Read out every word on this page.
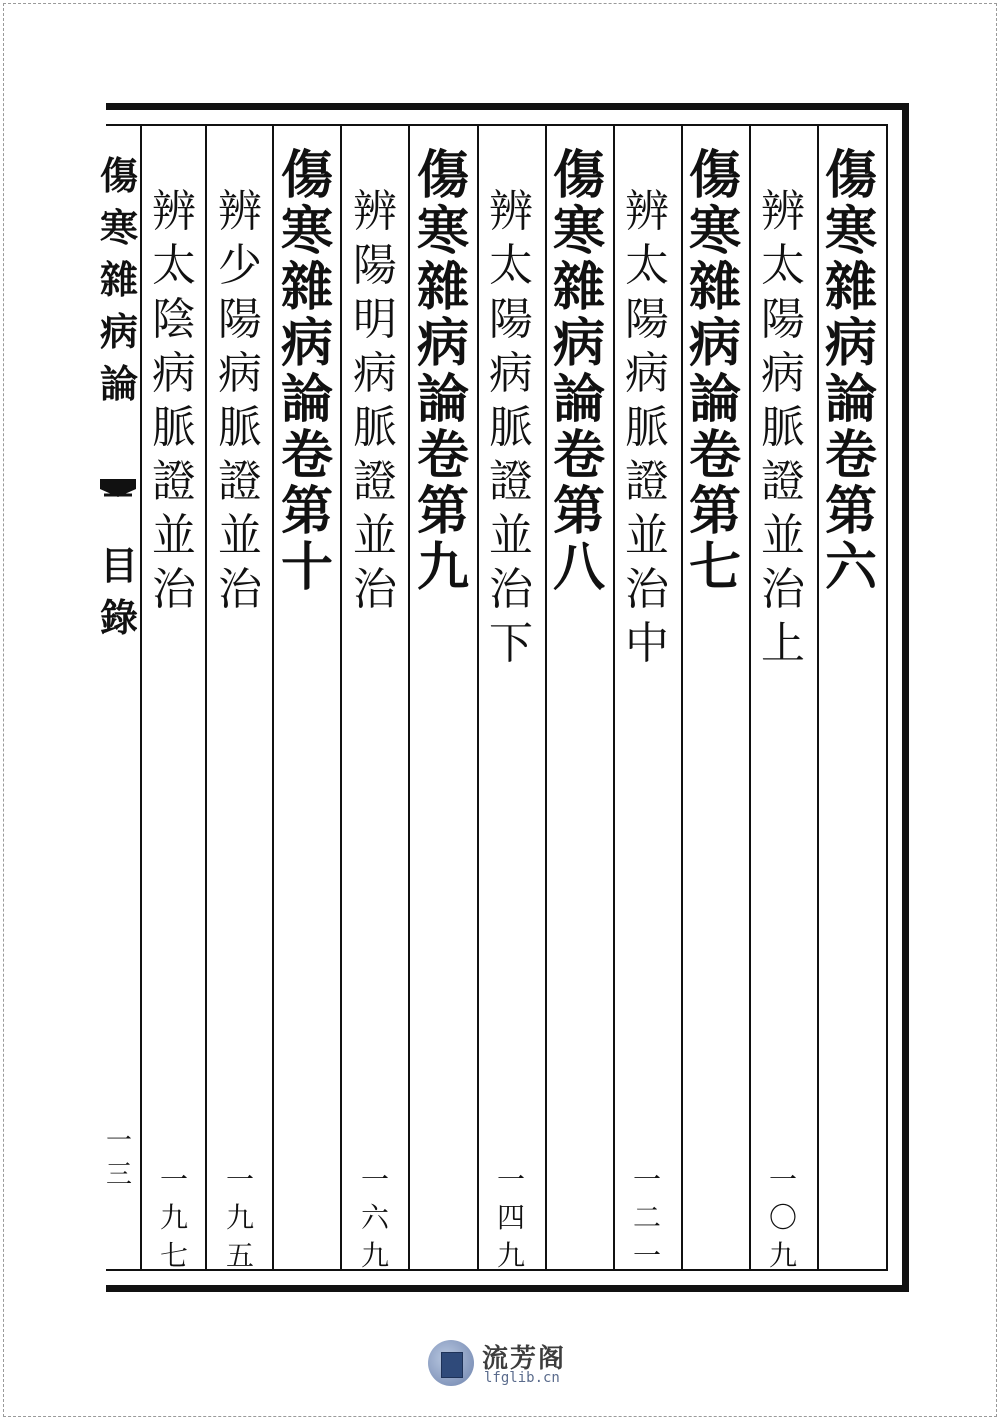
傷
寒
雜
病
論
目
錄
一
三
傷
寒
雜
病
論
卷
第
六
辨
太
陽
病
脈
證
並
治
上
一
〇
九
傷
寒
雜
病
論
卷
第
七
辨
太
陽
病
脈
證
並
治
中
一
二
一
傷
寒
雜
病
論
卷
第
八
辨
太
陽
病
脈
證
並
治
下
一
四
九
傷
寒
雜
病
論
卷
第
九
辨
陽
明
病
脈
證
並
治
一
六
九
傷
寒
雜
病
論
卷
第
十
辨
少
陽
病
脈
證
並
治
一
九
五
辨
太
陰
病
脈
證
並
治
一
九
七
流芳阁
lfglib.cn
